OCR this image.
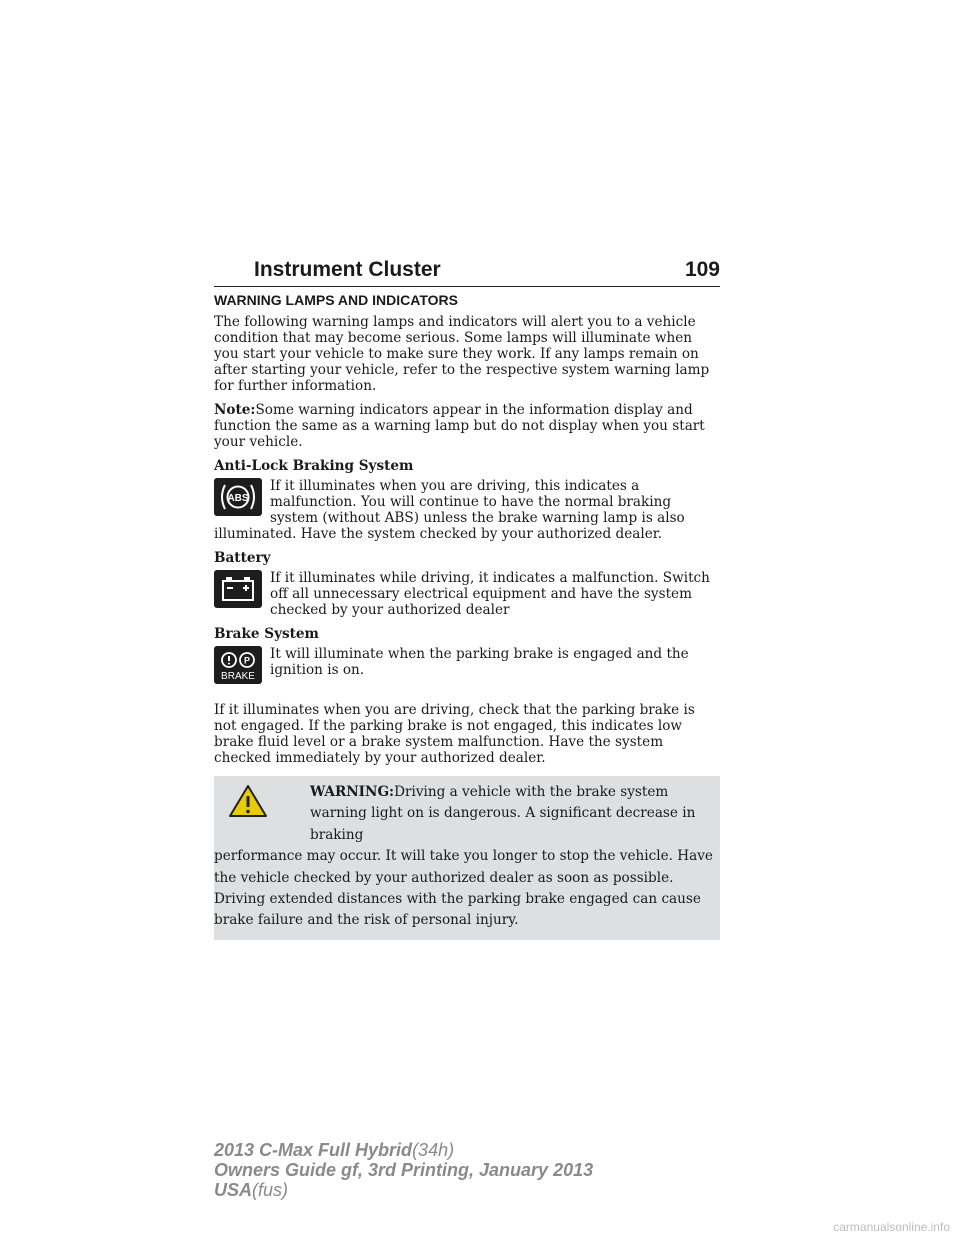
Instrument Cluster	109
WARNING LAMPS AND INDICATORS

The following warning lamps and indicators will alert you to a vehicle condition that may become serious. Some lamps will illuminate when you start your vehicle to make sure they work. If any lamps remain on after starting your vehicle, refer to the respective system warning lamp for further information.

Note:Some warning indicators appear in the information display and function the same as a warning lamp but do not display when you start your vehicle.

Anti-Lock Braking System
ABS
If it illuminates when you are driving, this indicates a malfunction. You will continue to have the normal braking system (without ABS) unless the brake warning lamp is also
illuminated. Have the system checked by your authorized dealer.
Battery
If it illuminates while driving, it indicates a malfunction. Switch off all unnecessary electrical equipment and have the system checked by your authorized dealer
Brake System
P
BRAKE
It will illuminate when the parking brake is engaged and the ignition is on.

If it illuminates when you are driving, check that the parking brake is not engaged. If the parking brake is not engaged, this indicates low brake fluid level or a brake system malfunction. Have the system checked immediately by your authorized dealer.

WARNING:Driving a vehicle with the brake system warning light on is dangerous. A significant decrease in braking
performance may occur. It will take you longer to stop the vehicle. Have the vehicle checked by your authorized dealer as soon as possible. Driving extended distances with the parking brake engaged can cause brake failure and the risk of personal injury.
2013 C-Max Full Hybrid(34h)
Owners Guide gf, 3rd Printing, January 2013
USA(fus)
carmanualsonline.info
